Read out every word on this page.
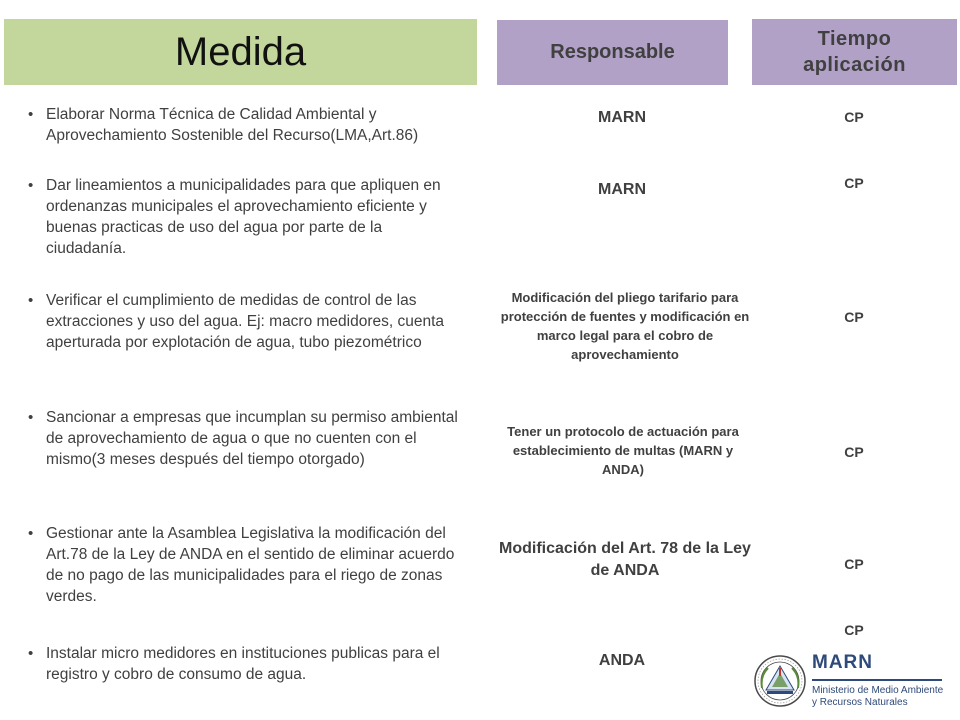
Medida	Responsable
Tiempo
aplicación
• Elaborar Norma Técnica de Calidad Ambiental y Aprovechamiento Sostenible del Recurso(LMA,Art.86)
• Dar lineamientos a municipalidades para que apliquen en ordenanzas municipales el aprovechamiento eficiente y buenas practicas de uso del agua por parte de la ciudadanía.
• Verificar el cumplimiento de medidas de control de las extracciones y uso del agua. Ej: macro medidores, cuenta aperturada por explotación de agua, tubo piezométrico
• Sancionar a empresas que incumplan su permiso ambiental de aprovechamiento de agua o que no cuenten con el mismo(3 meses después del tiempo otorgado)
• Gestionar ante la Asamblea Legislativa la modificación del Art.78 de la Ley de ANDA en el sentido de eliminar acuerdo de no pago de las municipalidades para el riego de zonas verdes.
• Instalar micro medidores en instituciones publicas para el registro y cobro de consumo de agua.
MARN
MARN
Modificación del pliego tarifario para protección de fuentes y modificación en marco legal para el cobro de aprovechamiento
Tener un protocolo de actuación para establecimiento de multas (MARN y ANDA)
Modificación del Art. 78 de la Ley de ANDA
ANDA
CP
CP
CP
CP
CP
CP
MARN
Ministerio de Medio Ambiente
y Recursos Naturales
